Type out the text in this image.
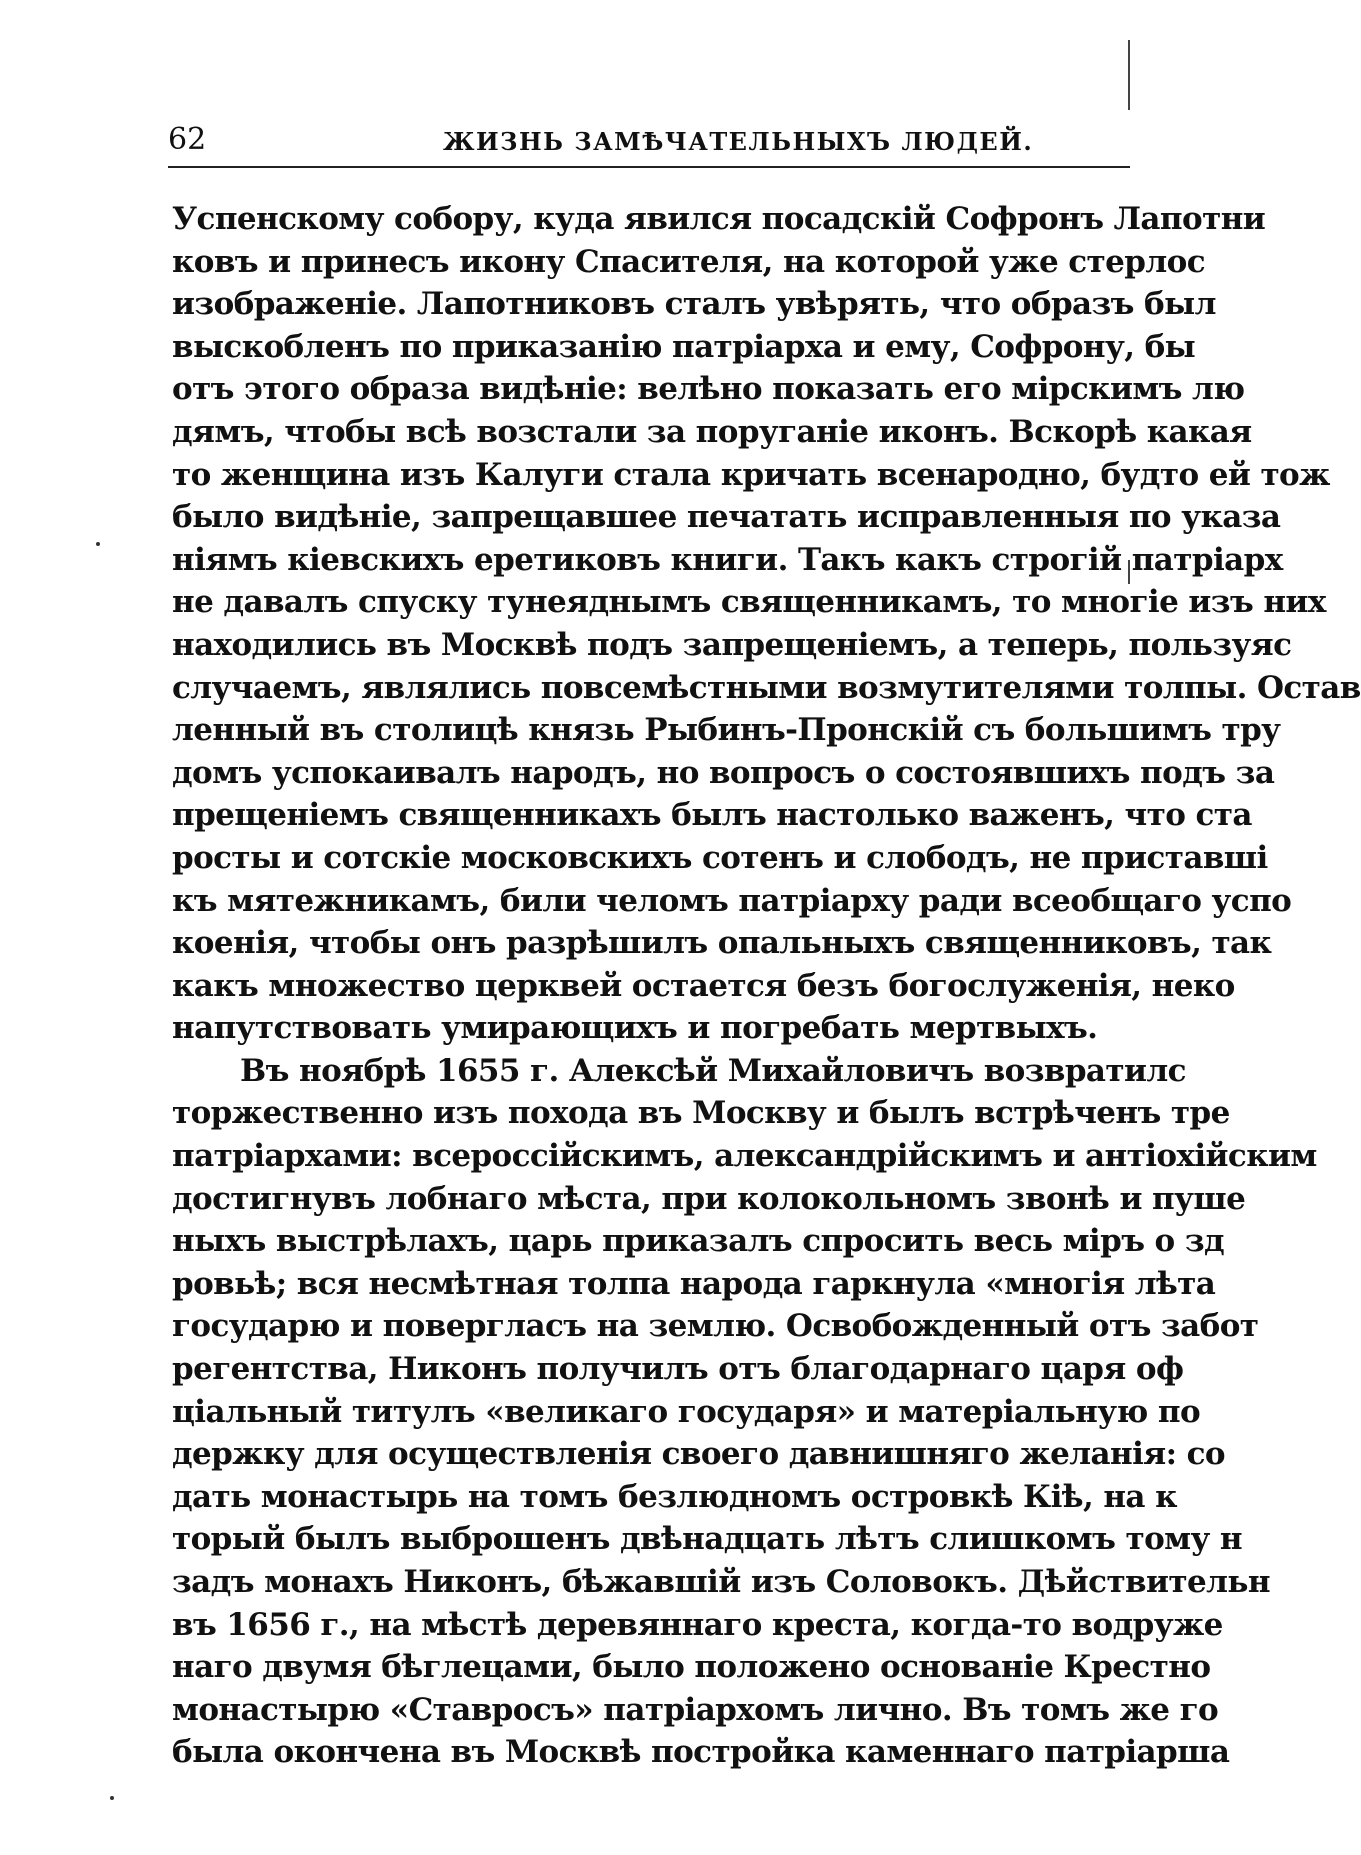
62	ЖИЗНЬ ЗАМѢЧАТЕЛЬНЫХЪ ЛЮДЕЙ.
Успенскому собору, куда явился посадскій Софронъ Лапотни
ковъ и принесъ икону Спасителя, на которой уже стерлос
изображеніе. Лапотниковъ сталъ увѣрять, что образъ был
выскобленъ по приказанію патріарха и ему, Софрону, бы
отъ этого образа видѣніе: велѣно показать его мірскимъ лю
дямъ, чтобы всѣ возстали за поруганіе иконъ. Вскорѣ какая
то женщина изъ Калуги стала кричать всенародно, будто ей тож
было видѣніе, запрещавшее печатать исправленныя по указа
ніямъ кіевскихъ еретиковъ книги. Такъ какъ строгій патріарх
не давалъ спуску тунеяднымъ священникамъ, то многіе изъ них
находились въ Москвѣ подъ запрещеніемъ, а теперь, пользуяс
случаемъ, являлись повсемѣстными возмутителями толпы. Остав
ленный въ столицѣ князь Рыбинъ-Пронскій съ большимъ тру
домъ успокаивалъ народъ, но вопросъ о состоявшихъ подъ за
прещеніемъ священникахъ былъ настолько важенъ, что ста
росты и сотскіе московскихъ сотенъ и слободъ, не приставші
къ мятежникамъ, били челомъ патріарху ради всеобщаго успо
коенія, чтобы онъ разрѣшилъ опальныхъ священниковъ, так
какъ множество церквей остается безъ богослуженія, неко
напутствовать умирающихъ и погребать мертвыхъ.
Въ ноябрѣ 1655 г. Алексѣй Михайловичъ возвратилс
торжественно изъ похода въ Москву и былъ встрѣченъ тре
патріархами: всероссійскимъ, александрійскимъ и антіохійским
достигнувъ лобнаго мѣста, при колокольномъ звонѣ и пуше
ныхъ выстрѣлахъ, царь приказалъ спросить весь міръ о зд
ровьѣ; вся несмѣтная толпа народа гаркнула «многія лѣта
государю и повергласъ на землю. Освобожденный отъ забот
регентства, Никонъ получилъ отъ благодарнаго царя оф
ціальный титулъ «великаго государя» и матеріальную по
держку для осуществленія своего давнишняго желанія: со
дать монастырь на томъ безлюдномъ островкѣ Кіѣ, на к
торый былъ выброшенъ двѣнадцать лѣтъ слишкомъ тому н
задъ монахъ Никонъ, бѣжавшій изъ Соловокъ. Дѣйствительн
въ 1656 г., на мѣстѣ деревяннаго креста, когда-то водруже
наго двумя бѣглецами, было положено основаніе Крестно
монастырю «Ставросъ» патріархомъ лично. Въ томъ же го
была окончена въ Москвѣ постройка каменнаго патріарша
